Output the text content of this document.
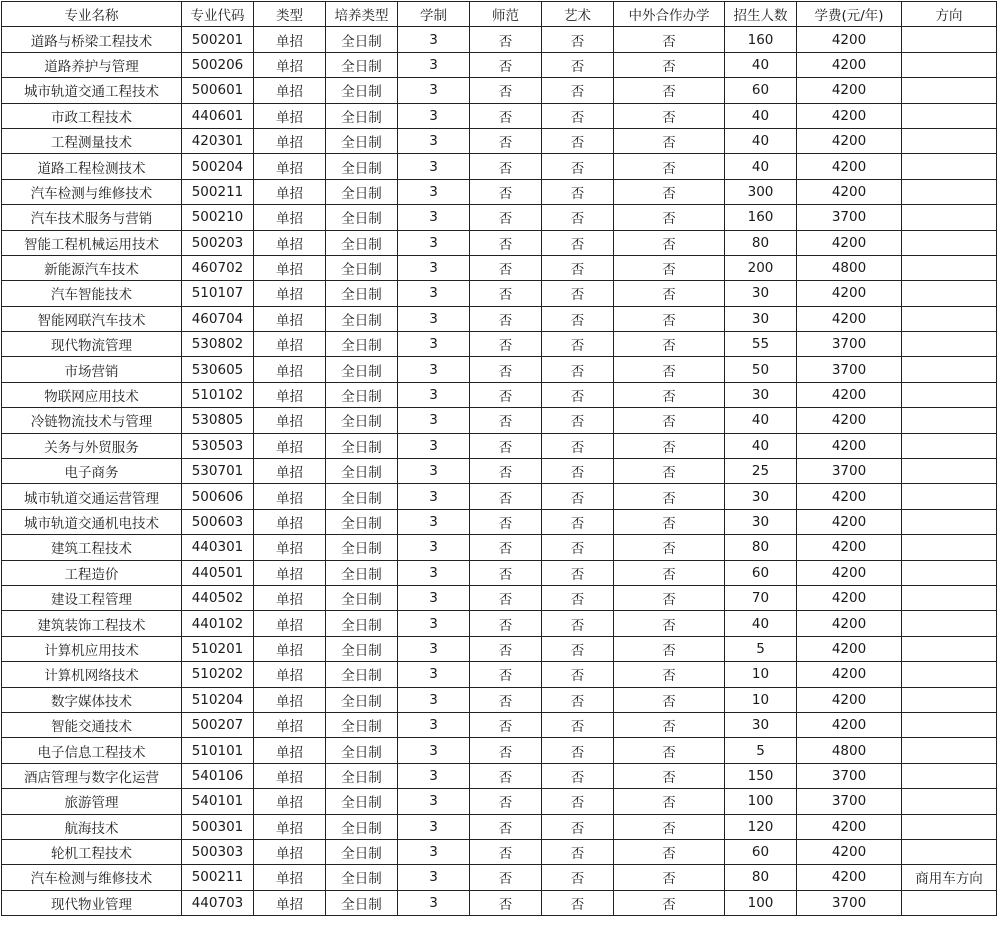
专业名称	专业代码	类型	培养类型	学制	师范	艺术	中外合作办学	招生人数	学费(元/年)	方向
道路与桥梁工程技术	500201	单招	全日制	3	否	否	否	160	4200	
道路养护与管理	500206	单招	全日制	3	否	否	否	40	4200	
城市轨道交通工程技术	500601	单招	全日制	3	否	否	否	60	4200	
市政工程技术	440601	单招	全日制	3	否	否	否	40	4200	
工程测量技术	420301	单招	全日制	3	否	否	否	40	4200	
道路工程检测技术	500204	单招	全日制	3	否	否	否	40	4200	
汽车检测与维修技术	500211	单招	全日制	3	否	否	否	300	4200	
汽车技术服务与营销	500210	单招	全日制	3	否	否	否	160	3700	
智能工程机械运用技术	500203	单招	全日制	3	否	否	否	80	4200	
新能源汽车技术	460702	单招	全日制	3	否	否	否	200	4800	
汽车智能技术	510107	单招	全日制	3	否	否	否	30	4200	
智能网联汽车技术	460704	单招	全日制	3	否	否	否	30	4200	
现代物流管理	530802	单招	全日制	3	否	否	否	55	3700	
市场营销	530605	单招	全日制	3	否	否	否	50	3700	
物联网应用技术	510102	单招	全日制	3	否	否	否	30	4200	
冷链物流技术与管理	530805	单招	全日制	3	否	否	否	40	4200	
关务与外贸服务	530503	单招	全日制	3	否	否	否	40	4200	
电子商务	530701	单招	全日制	3	否	否	否	25	3700	
城市轨道交通运营管理	500606	单招	全日制	3	否	否	否	30	4200	
城市轨道交通机电技术	500603	单招	全日制	3	否	否	否	30	4200	
建筑工程技术	440301	单招	全日制	3	否	否	否	80	4200	
工程造价	440501	单招	全日制	3	否	否	否	60	4200	
建设工程管理	440502	单招	全日制	3	否	否	否	70	4200	
建筑装饰工程技术	440102	单招	全日制	3	否	否	否	40	4200	
计算机应用技术	510201	单招	全日制	3	否	否	否	5	4200	
计算机网络技术	510202	单招	全日制	3	否	否	否	10	4200	
数字媒体技术	510204	单招	全日制	3	否	否	否	10	4200	
智能交通技术	500207	单招	全日制	3	否	否	否	30	4200	
电子信息工程技术	510101	单招	全日制	3	否	否	否	5	4800	
酒店管理与数字化运营	540106	单招	全日制	3	否	否	否	150	3700	
旅游管理	540101	单招	全日制	3	否	否	否	100	3700	
航海技术	500301	单招	全日制	3	否	否	否	120	4200	
轮机工程技术	500303	单招	全日制	3	否	否	否	60	4200	
汽车检测与维修技术	500211	单招	全日制	3	否	否	否	80	4200	商用车方向
现代物业管理	440703	单招	全日制	3	否	否	否	100	3700	
